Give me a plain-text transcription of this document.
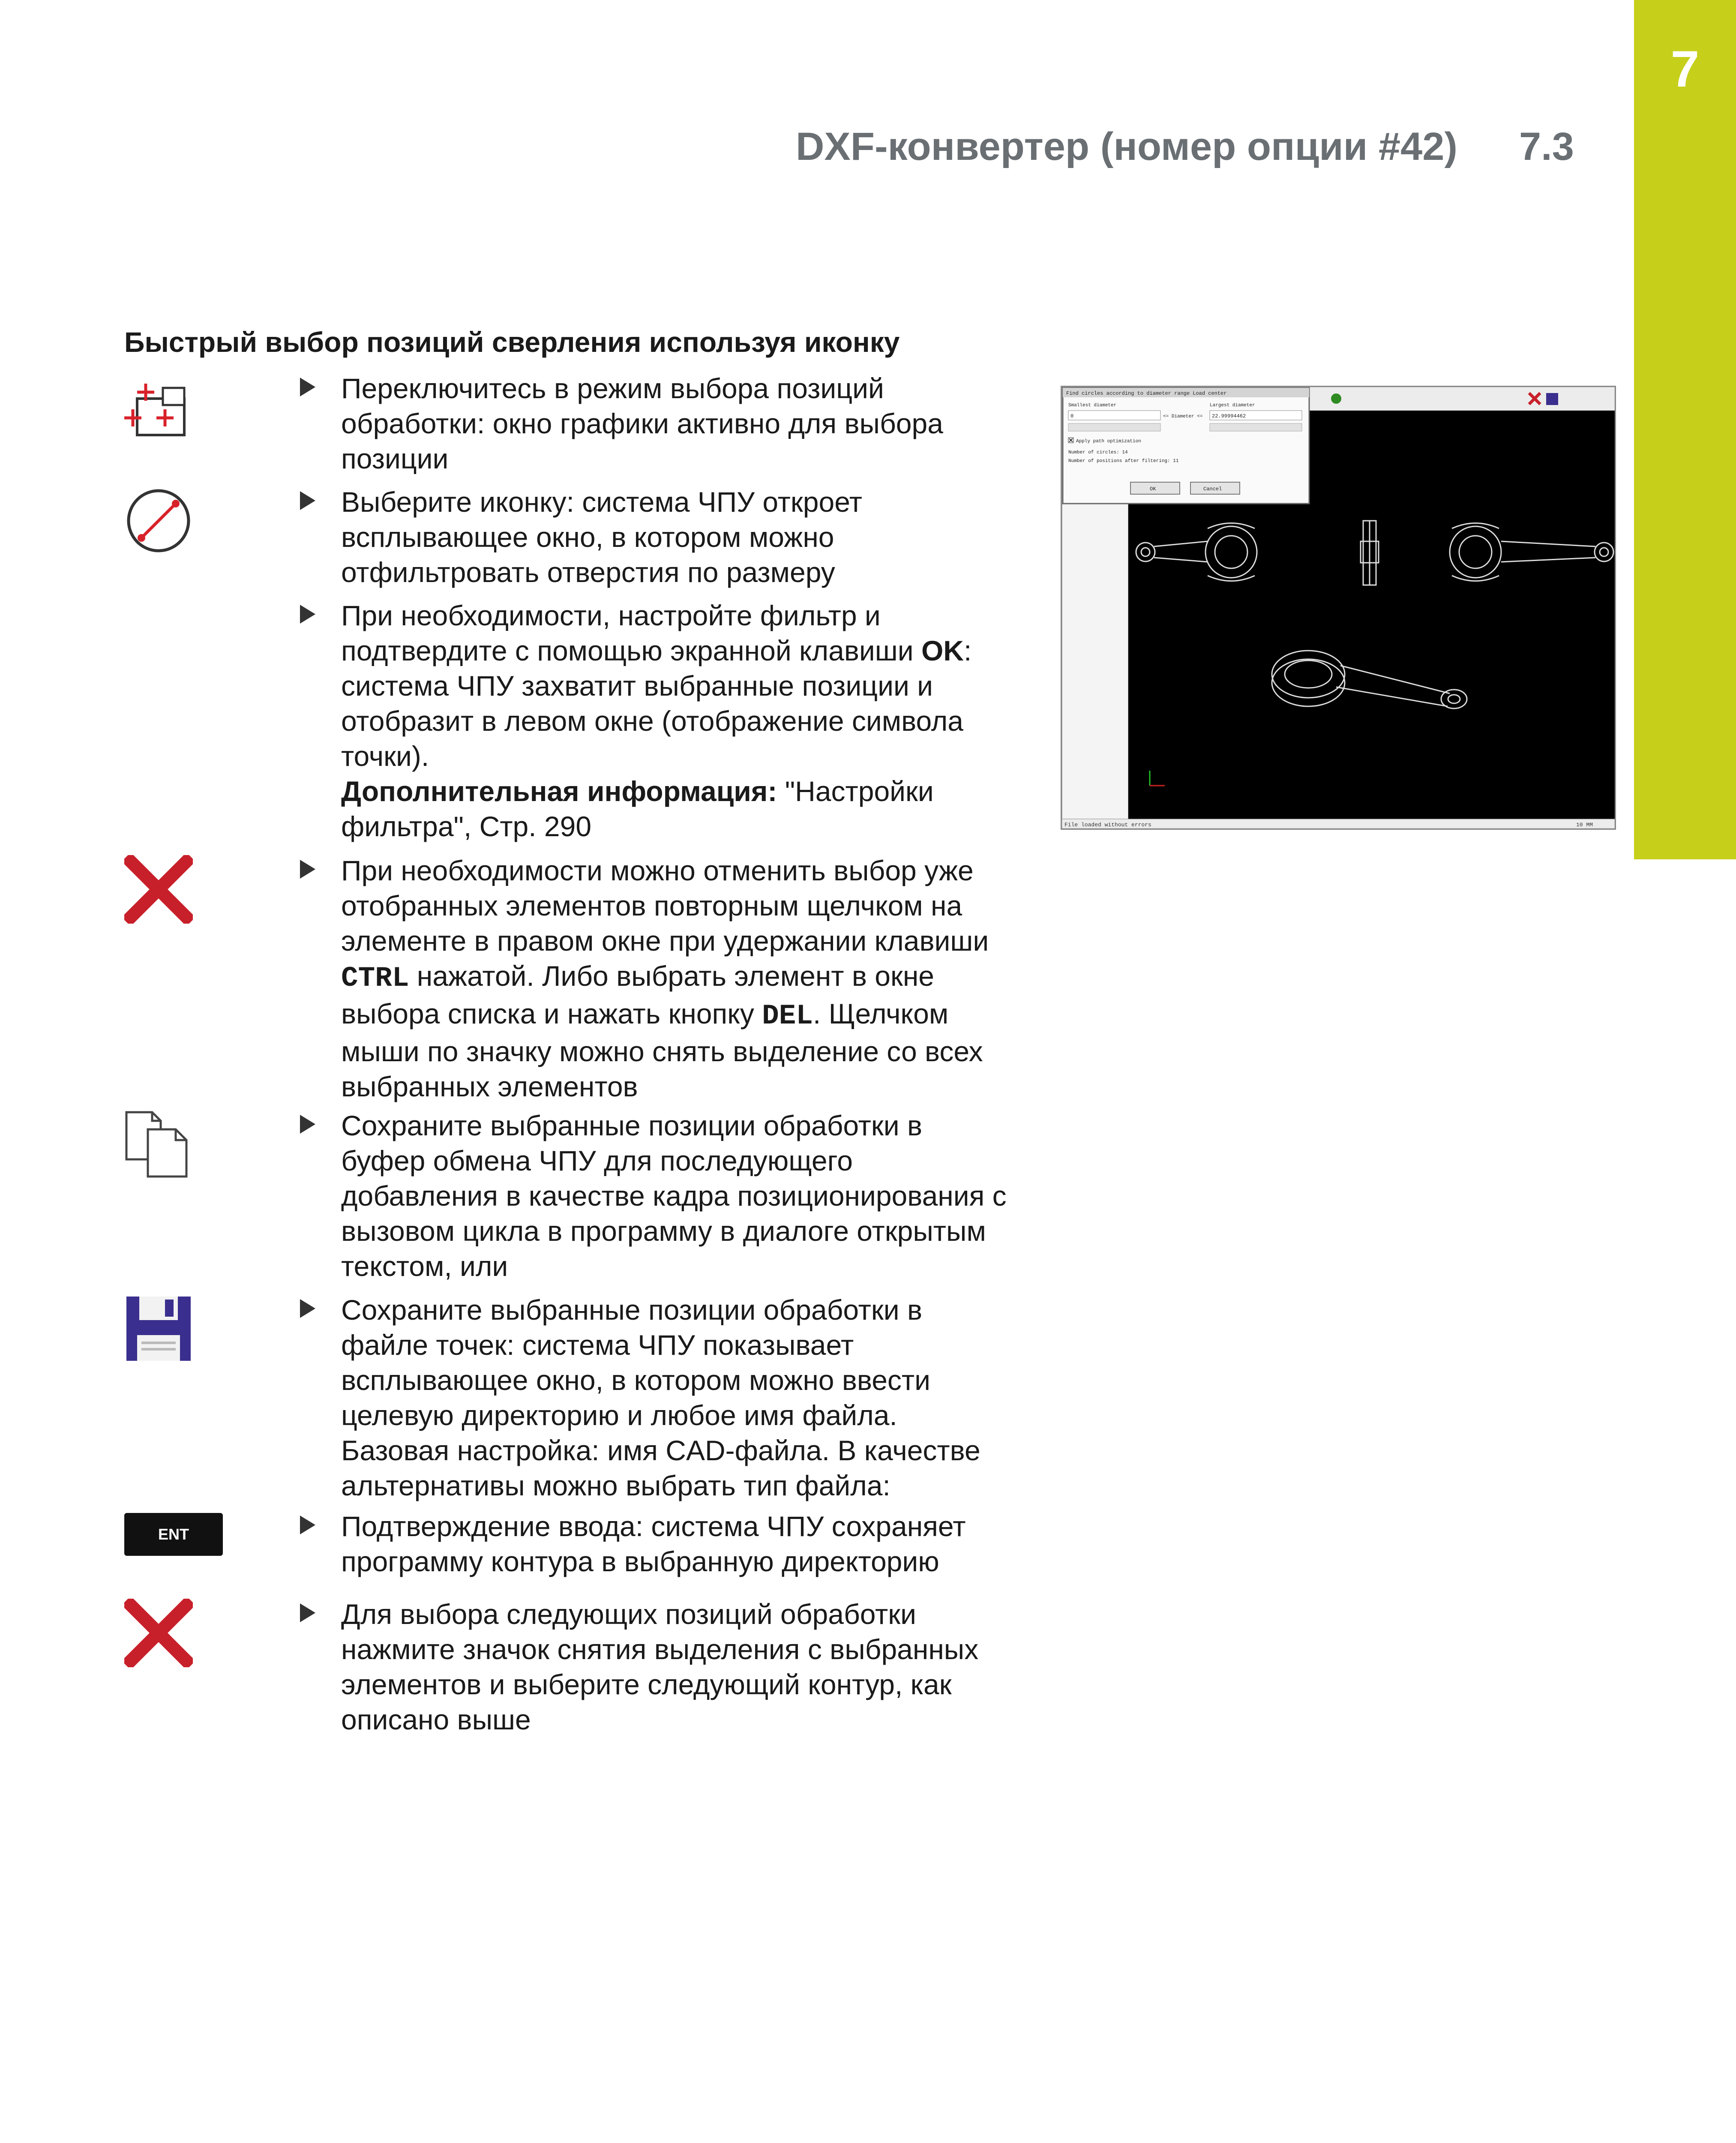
7
DXF-конвертер (номер опции #42) 7.3
Быстрый выбор позиций сверления используя иконку
ENT
Переключитесь в режим выбора позиций обработки: окно графики активно для выбора позиции
Выберите иконку: система ЧПУ откроет всплывающее окно, в котором можно отфильтровать отверстия по размеру
При необходимости, настройте фильтр и подтвердите с помощью экранной клавиши OK: система ЧПУ захватит выбранные позиции и отобразит в левом окне (отображение символа точки).
Дополнительная информация: "Настройки фильтра", Стр. 290
При необходимости можно отменить выбор уже отобранных элементов повторным щелчком на элементе в правом окне при удержании клавиши CTRL нажатой. Либо выбрать элемент в окне выбора списка и нажать кнопку DEL. Щелчком мыши по значку можно снять выделение со всех выбранных элементов
Сохраните выбранные позиции обработки в буфер обмена ЧПУ для последующего добавления в качестве кадра позиционирования с вызовом цикла в программу в диалоге открытым текстом, или
Сохраните выбранные позиции обработки в файле точек: система ЧПУ показывает всплывающее окно, в котором можно ввести целевую директорию и любое имя файла. Базовая настройка: имя CAD-файла. В качестве альтернативы можно выбрать тип файла:
Подтверждение ввода: система ЧПУ сохраняет программу контура в выбранную директорию
Для выбора следующих позиций обработки нажмите значок снятия выделения с выбранных элементов и выберите следующий контур, как описано выше
File loaded without errors	10 MM
Find circles according to diameter range Load center
Smallest diameter	Largest diameter
0	<= Diameter <= 22.99994462
Apply path optimization
Number of circles: 14
Number of positions after filtering: 11
OK	Cancel
